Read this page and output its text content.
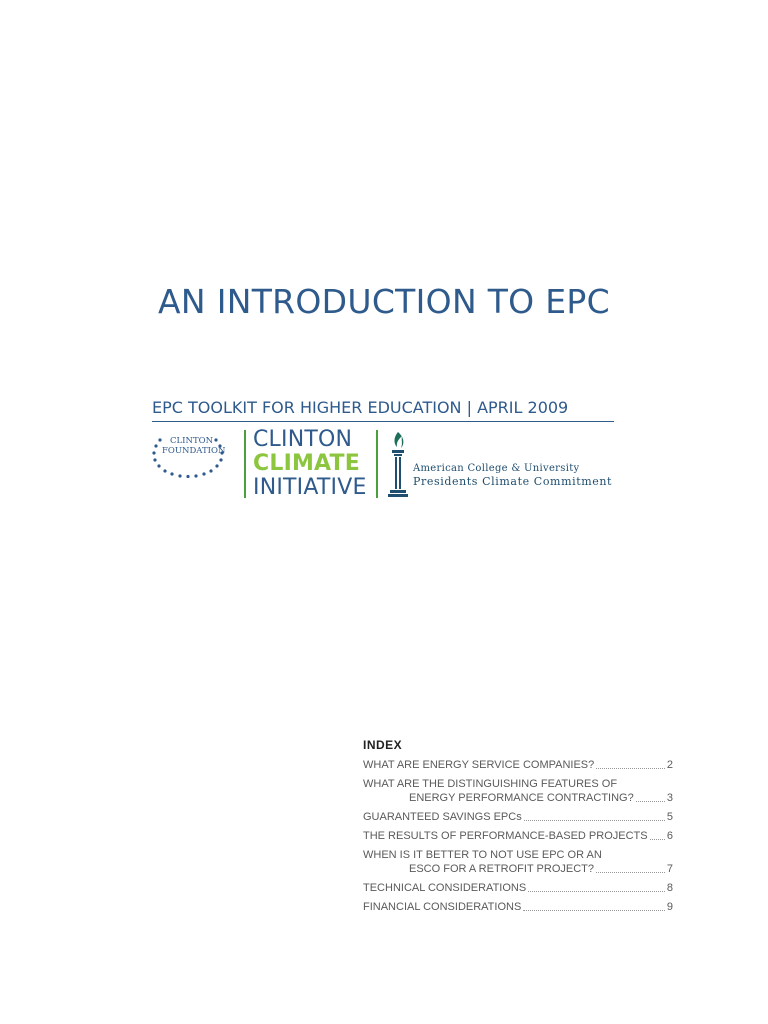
AN INTRODUCTION TO EPC
EPC TOOLKIT FOR HIGHER EDUCATION | APRIL 2009
CLINTON
FOUNDATION CLINTON
CLIMATE
INITIATIVE
American College & University
Presidents Climate Commitment
INDEX
WHAT ARE ENERGY SERVICE COMPANIES?	2
WHAT ARE THE DISTINGUISHING FEATURES OF
ENERGY PERFORMANCE CONTRACTING?	3
GUARANTEED SAVINGS EPCs	5
THE RESULTS OF PERFORMANCE-BASED PROJECTS 6
WHEN IS IT BETTER TO NOT USE EPC OR AN
ESCO FOR A RETROFIT PROJECT?	7
TECHNICAL CONSIDERATIONS	8
FINANCIAL CONSIDERATIONS	9
